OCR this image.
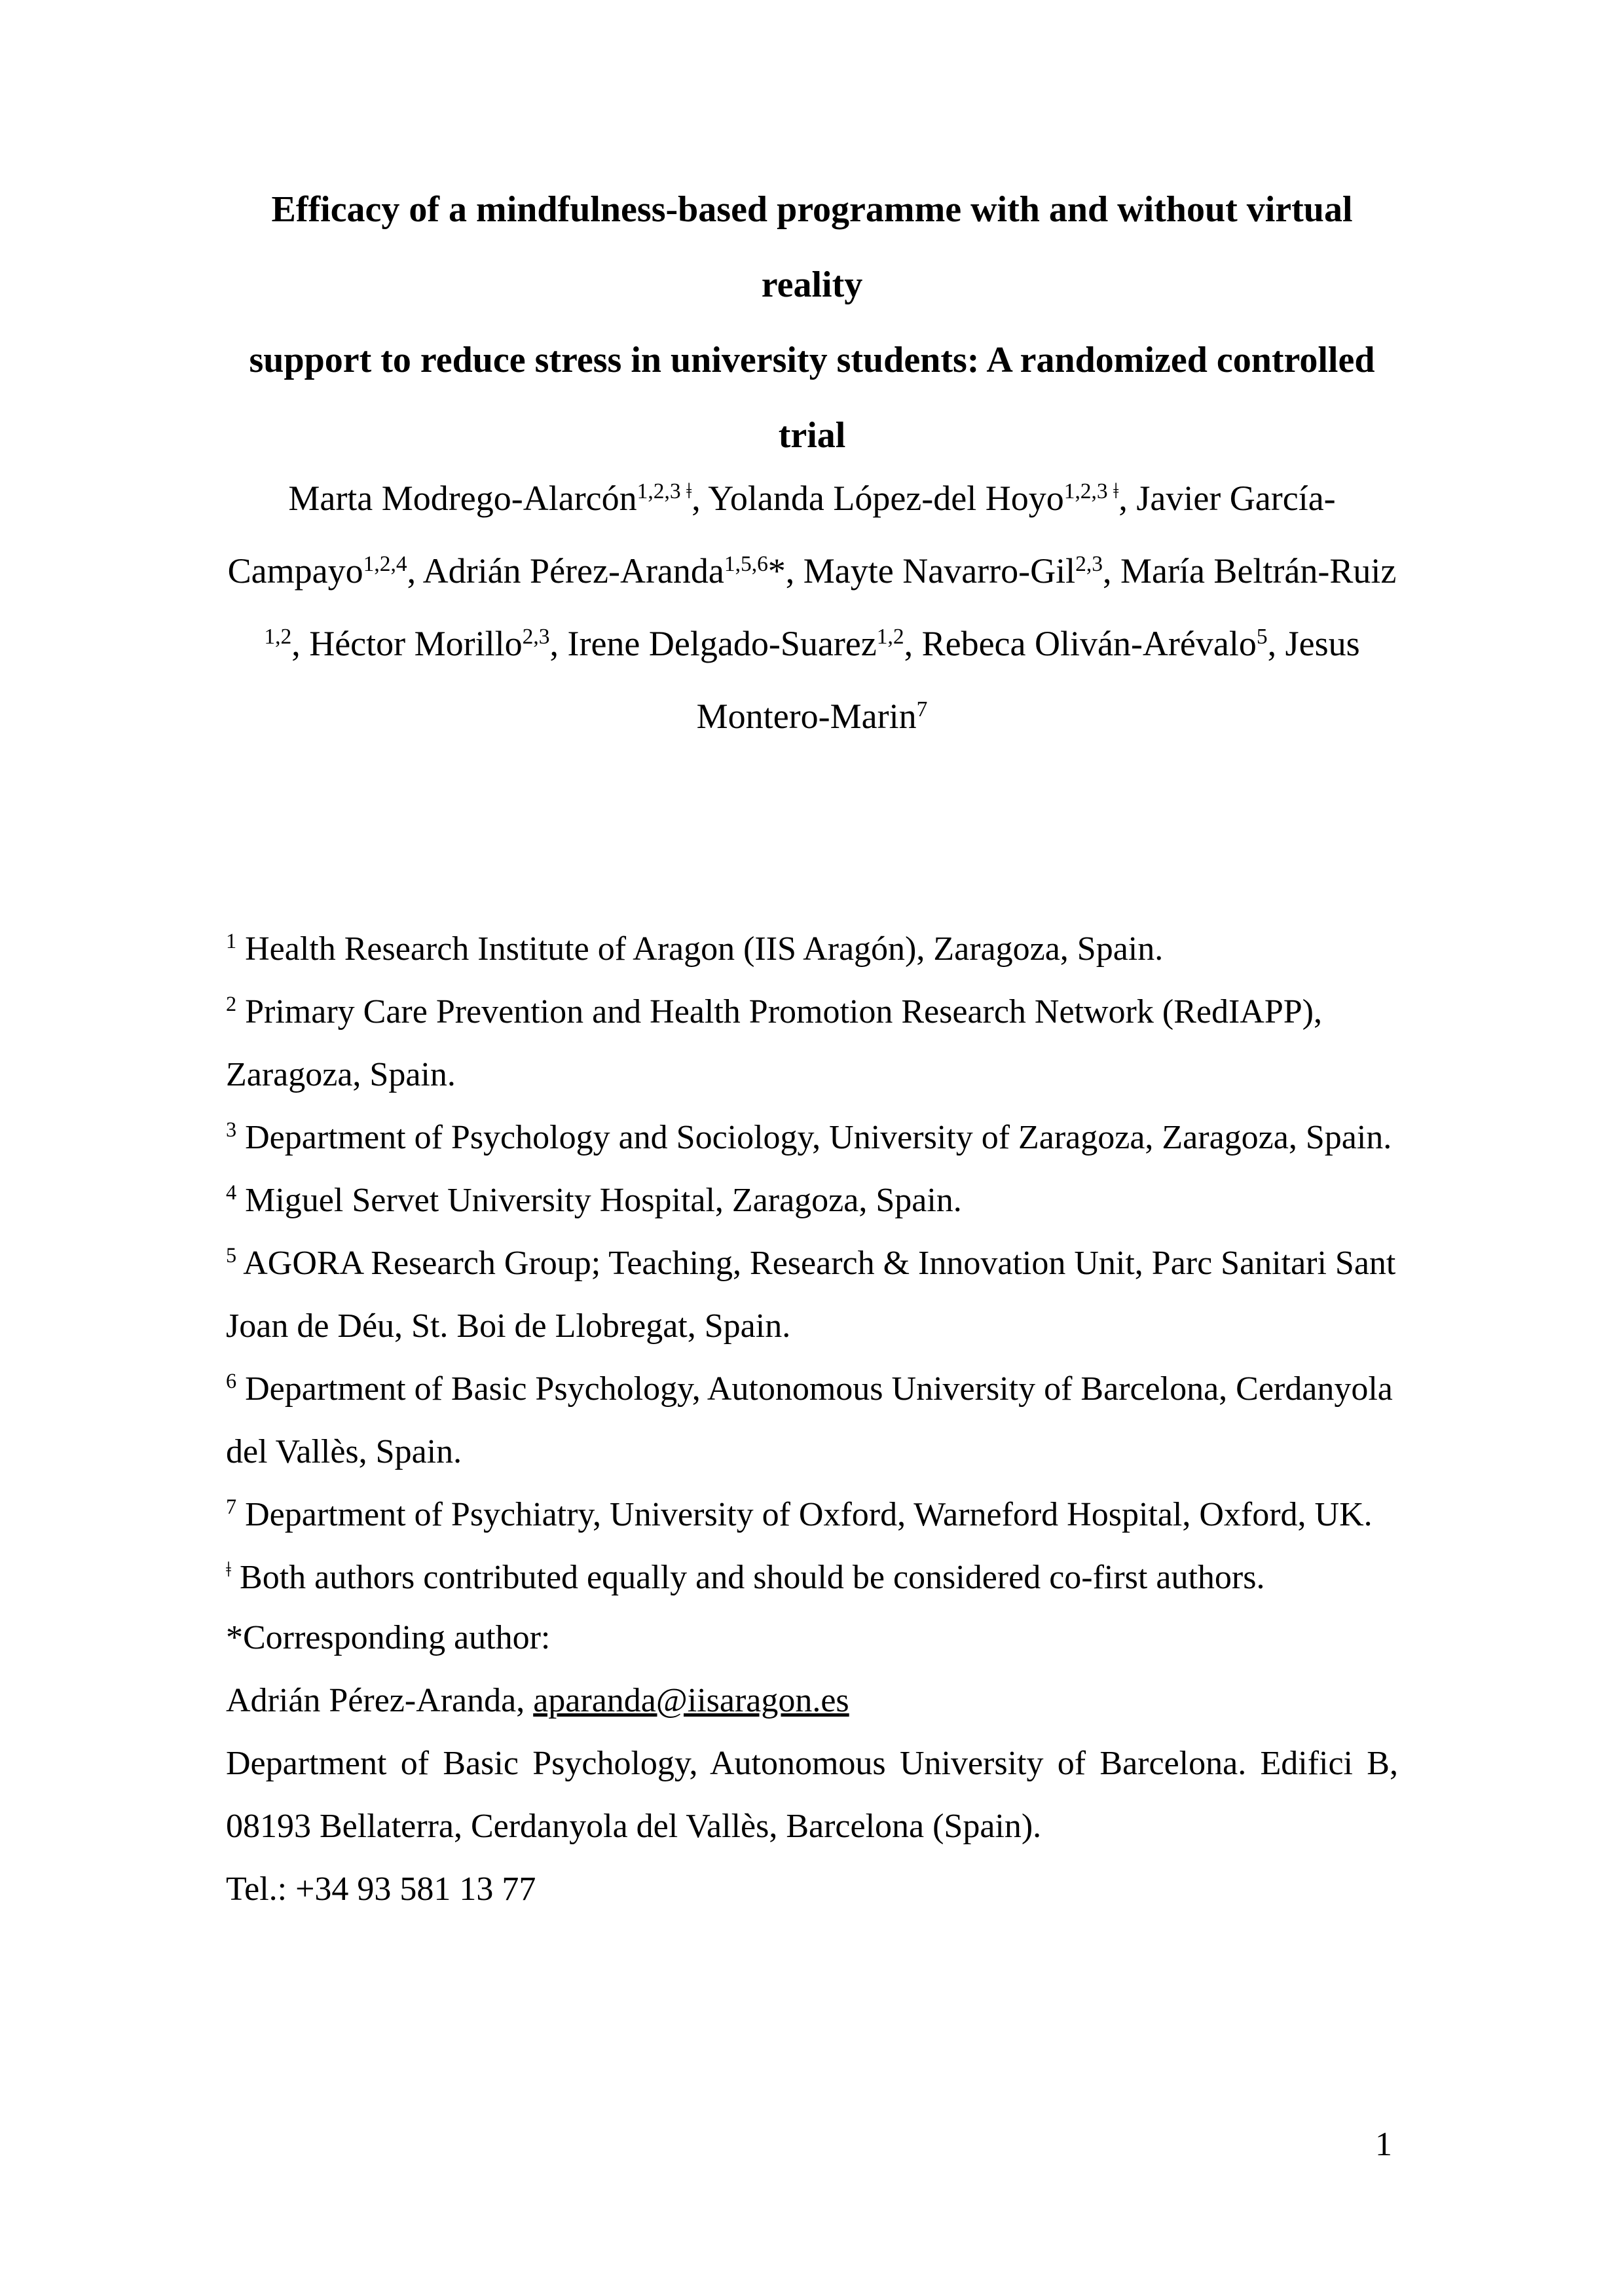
Efficacy of a mindfulness-based programme with and without virtual reality
support to reduce stress in university students: A randomized controlled trial
Marta Modrego-Alarcón$^{1,2,3 ǂ}$, Yolanda López-del Hoyo$^{1,2,3 ǂ}$, Javier García-Campayo$^{1,2,4}$, Adrián Pérez-Aranda$^{1,5,6}$*, Mayte Navarro-Gil$^{2,3}$, María Beltrán-Ruiz $^{1,2}$, Héctor Morillo$^{2,3}$, Irene Delgado-Suarez$^{1,2}$, Rebeca Oliván-Arévalo$^5$, Jesus Montero-Marin$^7$

$^1$ Health Research Institute of Aragon (IIS Aragón), Zaragoza, Spain.

$^2$ Primary Care Prevention and Health Promotion Research Network (RedIAPP), Zaragoza, Spain.

$^3$ Department of Psychology and Sociology, University of Zaragoza, Zaragoza, Spain.

$^4$ Miguel Servet University Hospital, Zaragoza, Spain.

$^5$ AGORA Research Group; Teaching, Research & Innovation Unit, Parc Sanitari Sant Joan de Déu, St. Boi de Llobregat, Spain.

$^6$ Department of Basic Psychology, Autonomous University of Barcelona, Cerdanyola del Vallès, Spain.

$^7$ Department of Psychiatry, University of Oxford, Warneford Hospital, Oxford, UK.

$^ǂ$ Both authors contributed equally and should be considered co-first authors.

*Corresponding author:

Adrián Pérez-Aranda, aparanda@iisaragon.es

Department of Basic Psychology, Autonomous University of Barcelona. Edifici B, 08193 Bellaterra, Cerdanyola del Vallès, Barcelona (Spain).

Tel.: +34 93 581 13 77

1
